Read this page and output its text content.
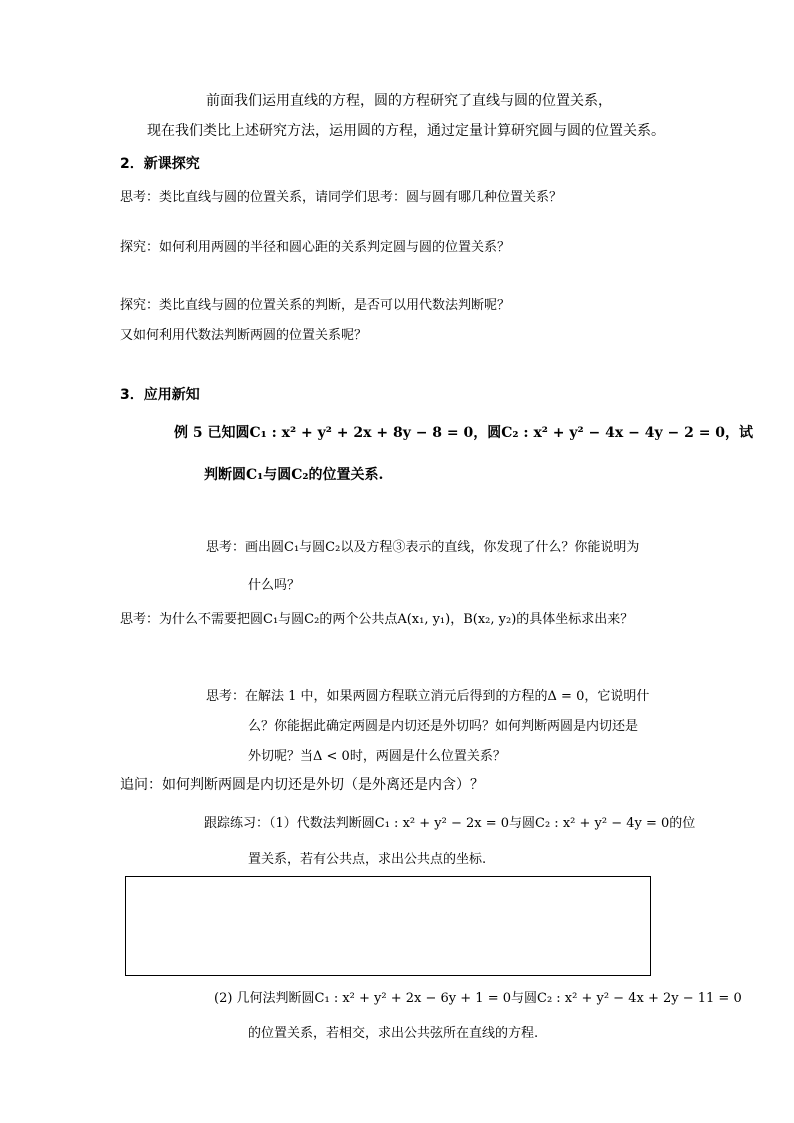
前面我们运用直线的方程，圆的方程研究了直线与圆的位置关系，
现在我们类比上述研究方法，运用圆的方程，通过定量计算研究圆与圆的位置关系。
2．新课探究
思考：类比直线与圆的位置关系，请同学们思考：圆与圆有哪几种位置关系？
探究：如何利用两圆的半径和圆心距的关系判定圆与圆的位置关系？
探究：类比直线与圆的位置关系的判断，是否可以用代数法判断呢？
又如何利用代数法判断两圆的位置关系呢？
3．应用新知
例 5 已知圆C₁ : x² + y² + 2x + 8y − 8 = 0，圆C₂ : x² + y² − 4x − 4y − 2 = 0，试
判断圆C₁与圆C₂的位置关系.
思考：画出圆C₁与圆C₂以及方程③表示的直线，你发现了什么？你能说明为
什么吗？
思考：为什么不需要把圆C₁与圆C₂的两个公共点A(x₁, y₁)，B(x₂, y₂)的具体坐标求出来？
思考：在解法 1 中，如果两圆方程联立消元后得到的方程的Δ = 0，它说明什
么？你能据此确定两圆是内切还是外切吗？如何判断两圆是内切还是
外切呢？当Δ < 0时，两圆是什么位置关系？
追问：如何判断两圆是内切还是外切（是外离还是内含）？
跟踪练习：（1）代数法判断圆C₁ : x² + y² − 2x = 0与圆C₂ : x² + y² − 4y = 0的位
置关系，若有公共点，求出公共点的坐标.
(2) 几何法判断圆C₁ : x² + y² + 2x − 6y + 1 = 0与圆C₂ : x² + y² − 4x + 2y − 11 = 0
的位置关系，若相交，求出公共弦所在直线的方程.
